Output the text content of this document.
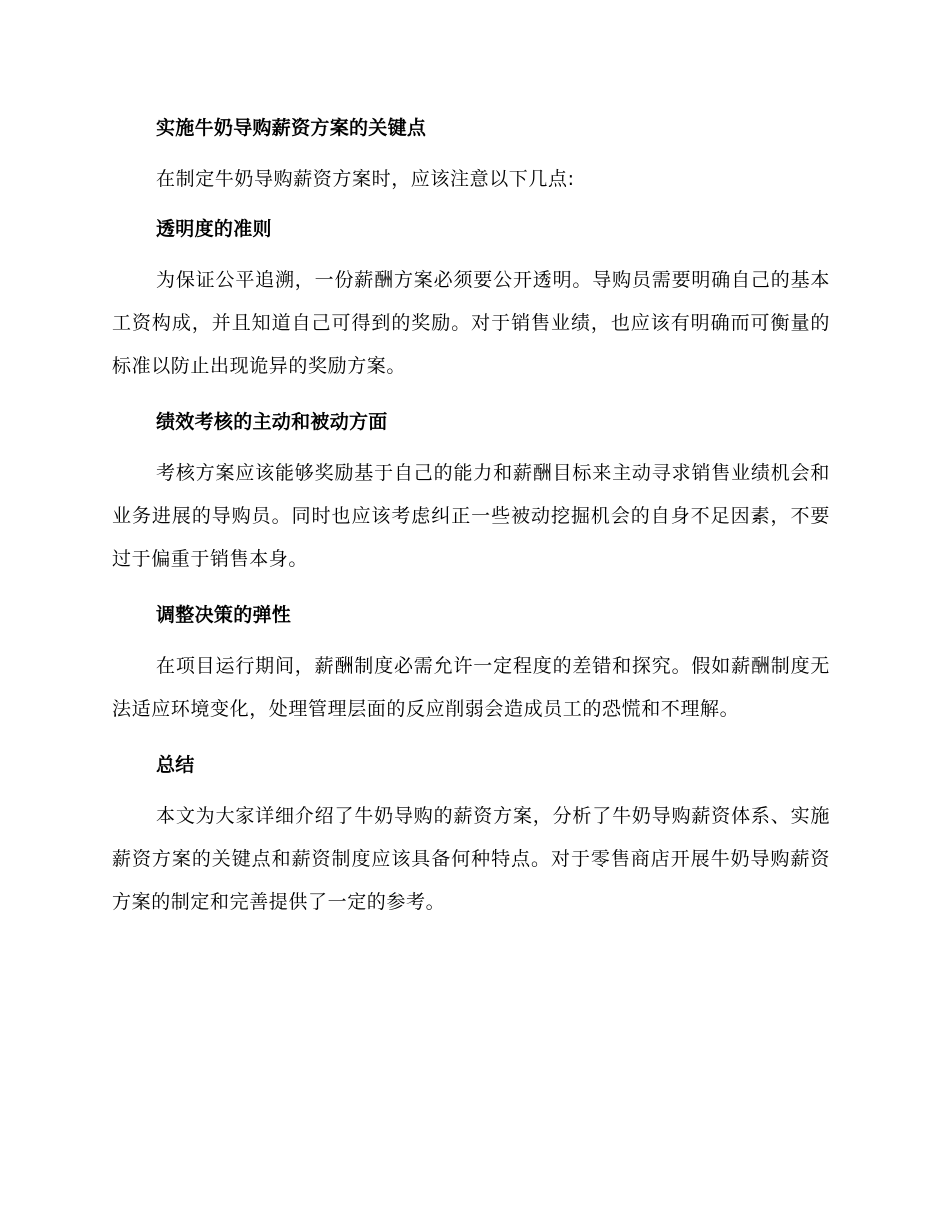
实施牛奶导购薪资方案的关键点

在制定牛奶导购薪资方案时，应该注意以下几点:

透明度的准则

为保证公平追溯，一份薪酬方案必须要公开透明。导购员需要明确自己的基本工资构成，并且知道自己可得到的奖励。对于销售业绩，也应该有明确而可衡量的标准以防止出现诡异的奖励方案。

绩效考核的主动和被动方面

考核方案应该能够奖励基于自己的能力和薪酬目标来主动寻求销售业绩机会和业务进展的导购员。同时也应该考虑纠正一些被动挖掘机会的自身不足因素，不要过于偏重于销售本身。

调整决策的弹性

在项目运行期间，薪酬制度必需允许一定程度的差错和探究。假如薪酬制度无法适应环境变化，处理管理层面的反应削弱会造成员工的恐慌和不理解。

总结

本文为大家详细介绍了牛奶导购的薪资方案，分析了牛奶导购薪资体系、实施薪资方案的关键点和薪资制度应该具备何种特点。对于零售商店开展牛奶导购薪资方案的制定和完善提供了一定的参考。
